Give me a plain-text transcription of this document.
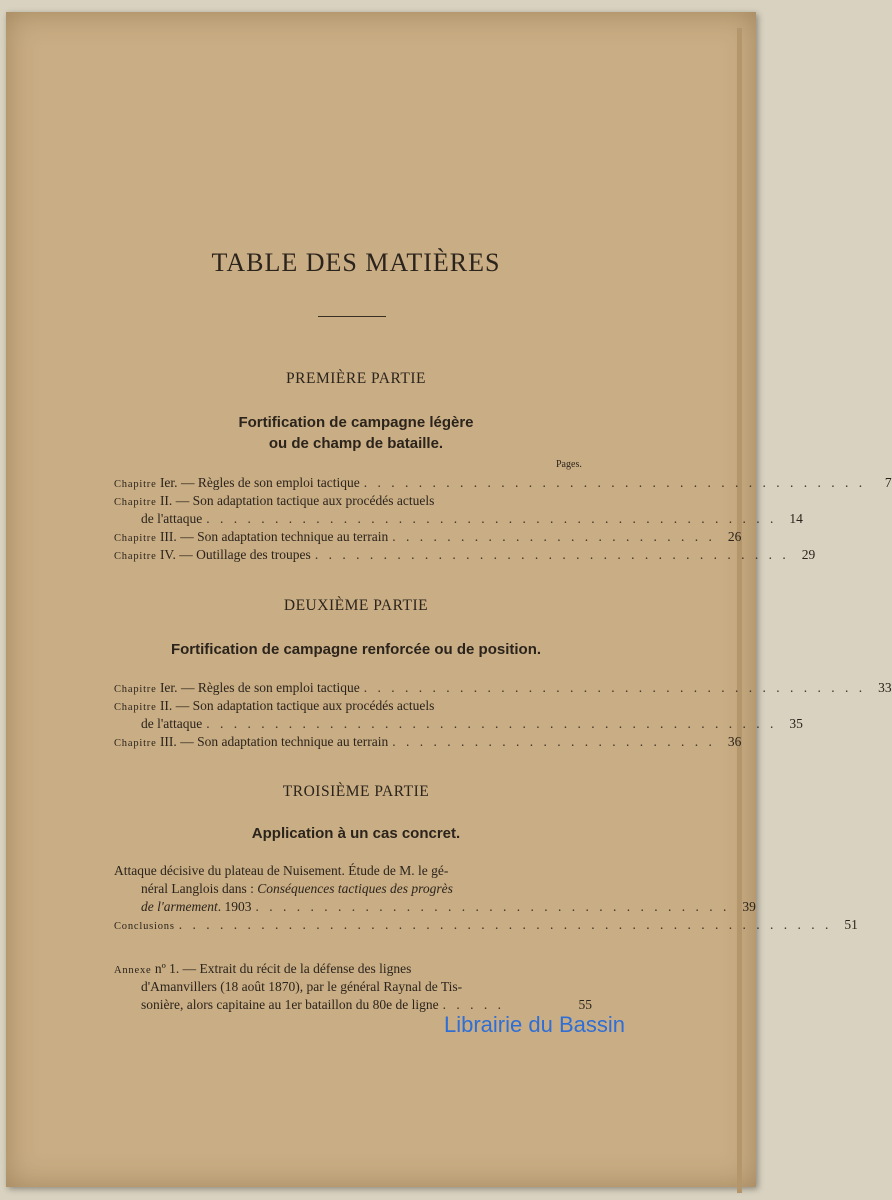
TABLE DES MATIÈRES
PREMIÈRE PARTIE
Fortification de campagne légère
ou de champ de bataille.
Pages.
Chapitre Ier. — Règles de son emploi tactique . . . . . . . . . . . . . . . . . . . . . . . . . . . . . . . . . . . . .	7
Chapitre II. — Son adaptation tactique aux procédés actuels
de l'attaque . . . . . . . . . . . . . . . . . . . . . . . . . . . . . . . . . . . . . . . . . . 14
Chapitre III. — Son adaptation technique au terrain . . . . . . . . . . . . . . . . . . . . . . . . 26
Chapitre IV. — Outillage des troupes . . . . . . . . . . . . . . . . . . . . . . . . . . . . . . . . . . . 29
DEUXIÈME PARTIE
Fortification de campagne renforcée ou de position.
Chapitre Ier. — Règles de son emploi tactique . . . . . . . . . . . . . . . . . . . . . . . . . . . . . . . . . . . . . 33
Chapitre II. — Son adaptation tactique aux procédés actuels
de l'attaque . . . . . . . . . . . . . . . . . . . . . . . . . . . . . . . . . . . . . . . . . . 35
Chapitre III. — Son adaptation technique au terrain . . . . . . . . . . . . . . . . . . . . . . . . 36
TROISIÈME PARTIE
Application à un cas concret.
Attaque décisive du plateau de Nuisement. Étude de M. le gé-
néral Langlois dans : Conséquences tactiques des progrès
de l'armement. 1903 . . . . . . . . . . . . . . . . . . . . . . . . . . . . . . . . . . . 39
Conclusions . . . . . . . . . . . . . . . . . . . . . . . . . . . . . . . . . . . . . . . . . . . . . . . . 51
Annexe nº 1. — Extrait du récit de la défense des lignes
d'Amanvillers (18 août 1870), par le général Raynal de Tis-
sonière, alors capitaine au 1er bataillon du 80e de ligne . . . . .	55
Librairie du Bassin
